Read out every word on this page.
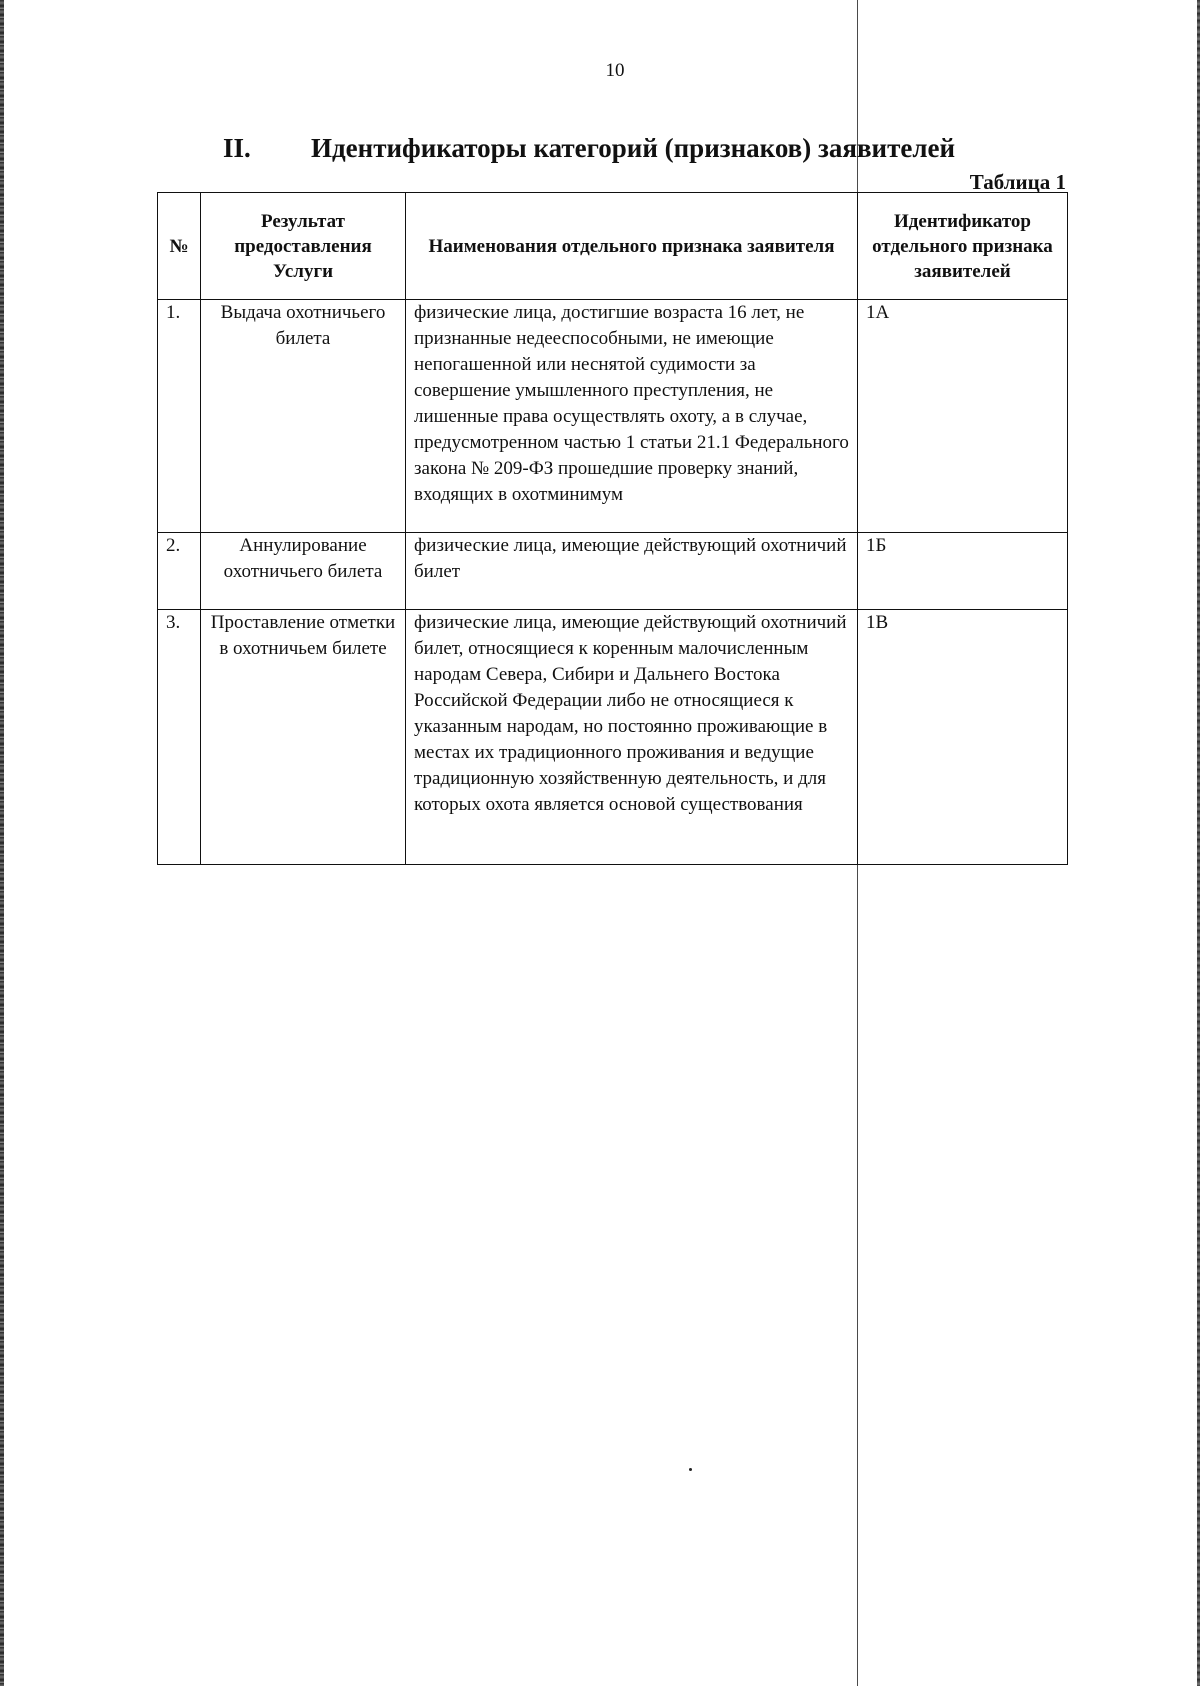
10
II. Идентификаторы категорий (признаков) заявителей
Таблица 1
№	Результат предоставления Услуги	Наименования отдельного признака заявителя	Идентификатор отдельного признака заявителей
1.	Выдача охотничьего билета	физические лица, достигшие возраста 16 лет, не признанные недееспособными, не имеющие непогашенной или неснятой судимости за совершение умышленного преступления, не лишенные права осуществлять охоту, а в случае, предусмотренном частью 1 статьи 21.1 Федерального закона № 209-ФЗ прошедшие проверку знаний, входящих в охотминимум	1А
2.	Аннулирование охотничьего билета	физические лица, имеющие действующий охотничий билет	1Б
3.	Проставление отметки в охотничьем билете	физические лица, имеющие действующий охотничий билет, относящиеся к коренным малочисленным народам Севера, Сибири и Дальнего Востока Российской Федерации либо не относящиеся к указанным народам, но постоянно проживающие в местах их традиционного проживания и ведущие традиционную хозяйственную деятельность, и для которых охота является основой существования	1В
